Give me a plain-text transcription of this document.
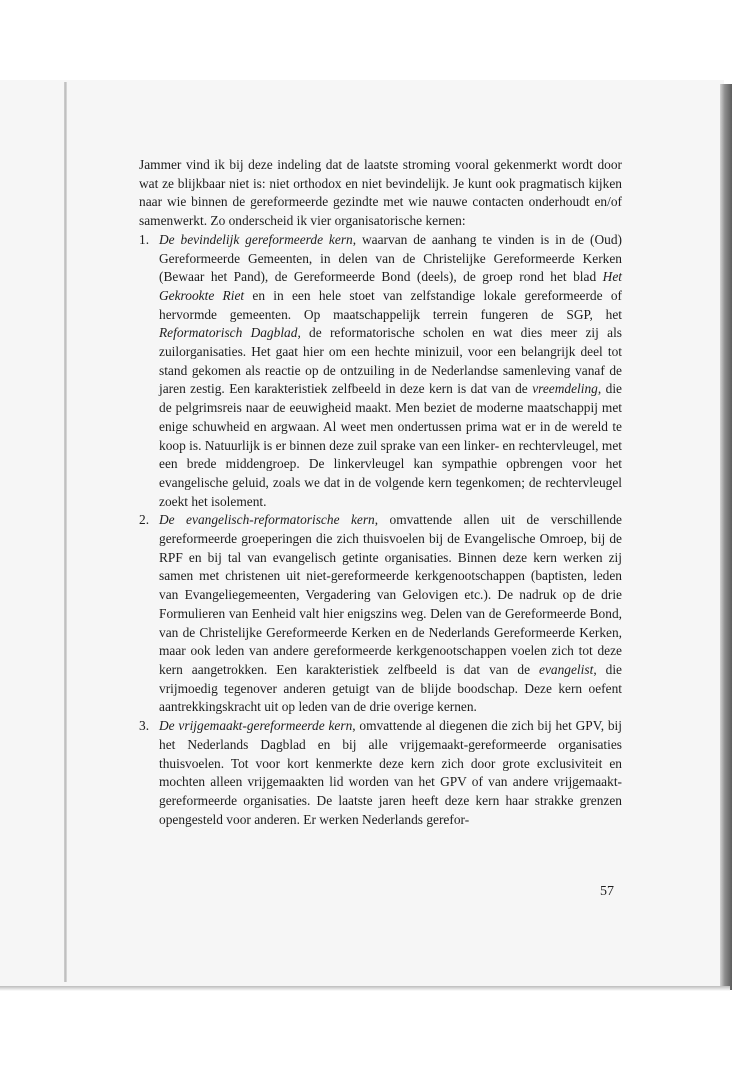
Jammer vind ik bij deze indeling dat de laatste stroming vooral gekenmerkt wordt door wat ze blijkbaar niet is: niet orthodox en niet bevindelijk. Je kunt ook pragmatisch kijken naar wie binnen de gereformeerde gezindte met wie nauwe contacten onderhoudt en/of samenwerkt. Zo onderscheid ik vier organisatorische kernen:

1. De bevindelijk gereformeerde kern, waarvan de aanhang te vinden is in de (Oud) Gereformeerde Gemeenten, in delen van de Christelijke Gereformeerde Kerken (Bewaar het Pand), de Gereformeerde Bond (deels), de groep rond het blad Het Gekrookte Riet en in een hele stoet van zelfstandige lokale gereformeerde of hervormde gemeenten. Op maatschappelijk terrein fungeren de SGP, het Reformatorisch Dagblad, de reformatorische scholen en wat dies meer zij als zuilorganisaties. Het gaat hier om een hechte minizuil, voor een belangrijk deel tot stand gekomen als reactie op de ontzuiling in de Nederlandse samenleving vanaf de jaren zestig. Een karakteristiek zelfbeeld in deze kern is dat van de vreemdeling, die de pelgrimsreis naar de eeuwigheid maakt. Men beziet de moderne maatschappij met enige schuwheid en argwaan. Al weet men ondertussen prima wat er in de wereld te koop is. Natuurlijk is er binnen deze zuil sprake van een linker- en rechtervleugel, met een brede middengroep. De linkervleugel kan sympathie opbrengen voor het evangelische geluid, zoals we dat in de volgende kern tegenkomen; de rechtervleugel zoekt het isolement.
2. De evangelisch-reformatorische kern, omvattende allen uit de verschillende gereformeerde groeperingen die zich thuisvoelen bij de Evangelische Omroep, bij de RPF en bij tal van evangelisch getinte organisaties. Binnen deze kern werken zij samen met christenen uit niet-gereformeerde kerkgenootschappen (baptisten, leden van Evangeliegemeenten, Vergadering van Gelovigen etc.). De nadruk op de drie Formulieren van Eenheid valt hier enigszins weg. Delen van de Gereformeerde Bond, van de Christelijke Gereformeerde Kerken en de Nederlands Gereformeerde Kerken, maar ook leden van andere gereformeerde kerkgenootschappen voelen zich tot deze kern aangetrokken. Een karakteristiek zelfbeeld is dat van de evangelist, die vrijmoedig tegenover anderen getuigt van de blijde boodschap. Deze kern oefent aantrekkingskracht uit op leden van de drie overige kernen.
3. De vrijgemaakt-gereformeerde kern, omvattende al diegenen die zich bij het GPV, bij het Nederlands Dagblad en bij alle vrijgemaakt-gereformeerde organisaties thuisvoelen. Tot voor kort kenmerkte deze kern zich door grote exclusiviteit en mochten alleen vrijgemaakten lid worden van het GPV of van andere vrijgemaakt-gereformeerde organisaties. De laatste jaren heeft deze kern haar strakke grenzen opengesteld voor anderen. Er werken Nederlands gerefor-
57
